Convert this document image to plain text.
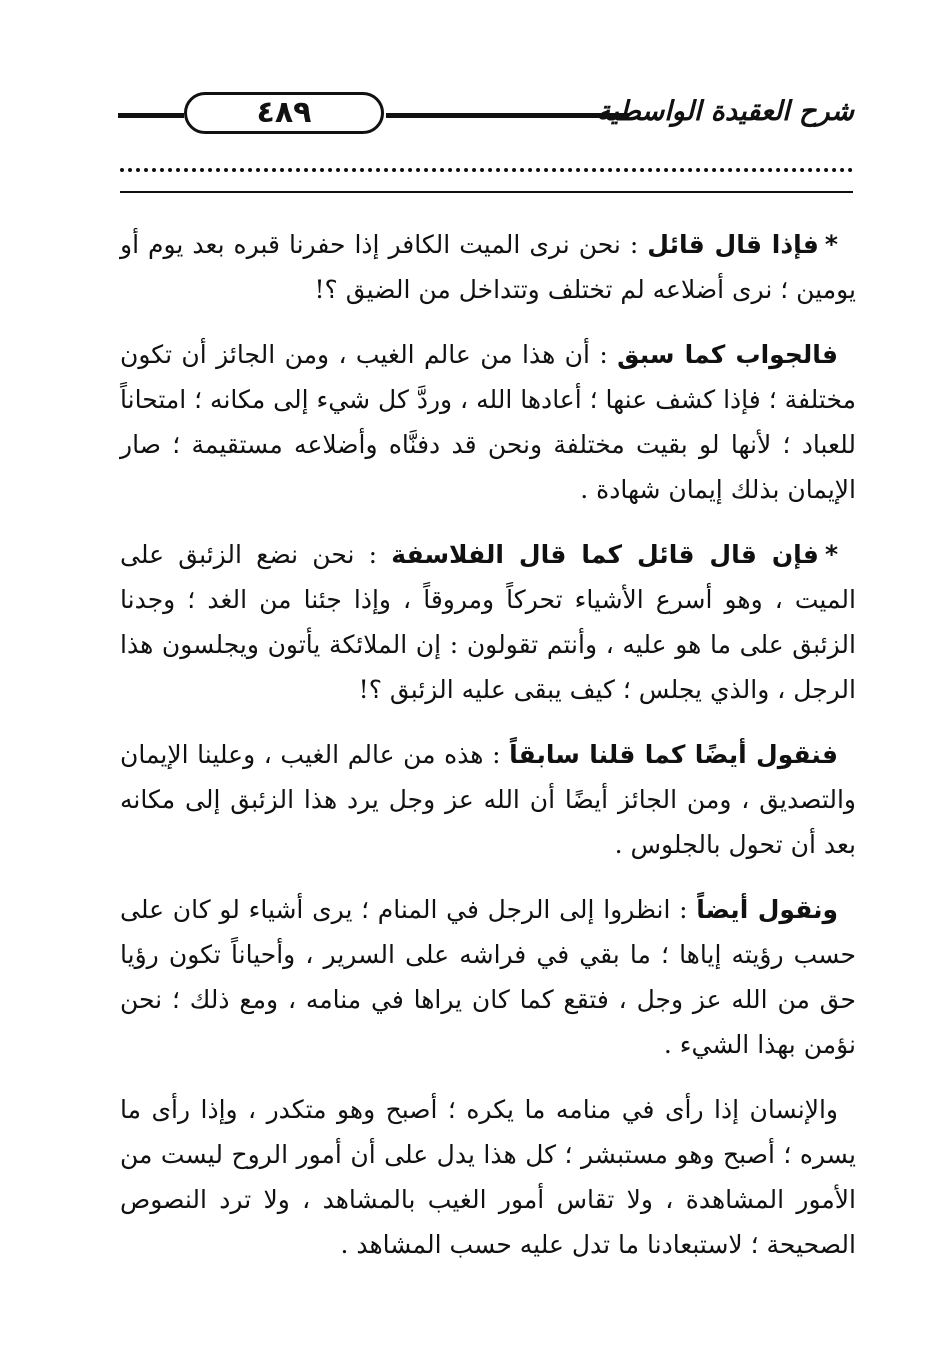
٤٨٩	شرح العقيدة الواسطية

*فإذا قال قائل : نحن نرى الميت الكافر إذا حفرنا قبره بعد يوم أو يومين ؛ نرى أضلاعه لم تختلف وتتداخل من الضيق ؟!

فالجواب كما سبق : أن هذا من عالم الغيب ، ومن الجائز أن تكون مختلفة ؛ فإذا كشف عنها ؛ أعادها الله ، وردَّ كل شيء إلى مكانه ؛ امتحاناً للعباد ؛ لأنها لو بقيت مختلفة ونحن قد دفنَّاه وأضلاعه مستقيمة ؛ صار الإيمان بذلك إيمان شهادة .

*فإن قال قائل كما قال الفلاسفة : نحن نضع الزئبق على الميت ، وهو أسرع الأشياء تحركاً ومروقاً ، وإذا جئنا من الغد ؛ وجدنا الزئبق على ما هو عليه ، وأنتم تقولون : إن الملائكة يأتون ويجلسون هذا الرجل ، والذي يجلس ؛ كيف يبقى عليه الزئبق ؟!

فنقول أيضًا كما قلنا سابقاً : هذه من عالم الغيب ، وعلينا الإيمان والتصديق ، ومن الجائز أيضًا أن الله عز وجل يرد هذا الزئبق إلى مكانه بعد أن تحول بالجلوس .

ونقول أيضاً : انظروا إلى الرجل في المنام ؛ يرى أشياء لو كان على حسب رؤيته إياها ؛ ما بقي في فراشه على السرير ، وأحياناً تكون رؤيا حق من الله عز وجل ، فتقع كما كان يراها في منامه ، ومع ذلك ؛ نحن نؤمن بهذا الشيء .

والإنسان إذا رأى في منامه ما يكره ؛ أصبح وهو متكدر ، وإذا رأى ما يسره ؛ أصبح وهو مستبشر ؛ كل هذا يدل على أن أمور الروح ليست من الأمور المشاهدة ، ولا تقاس أمور الغيب بالمشاهد ، ولا ترد النصوص الصحيحة ؛ لاستبعادنا ما تدل عليه حسب المشاهد .
